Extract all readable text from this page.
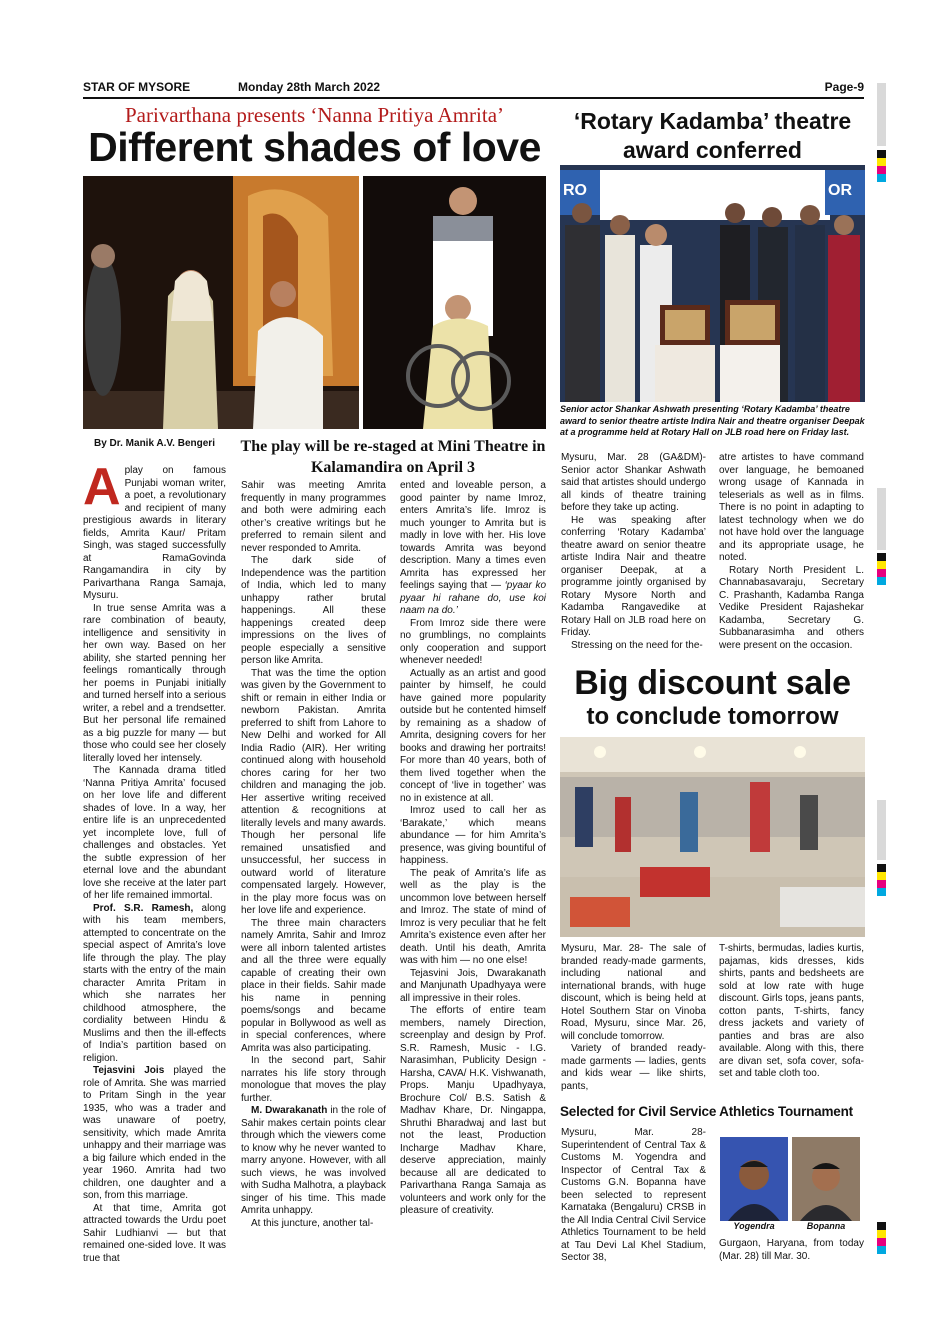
STAR OF MYSORE	Monday 28th March 2022	Page-9
Parivarthana presents ‘Nanna Pritiya Amrita’
Different shades of love
By Dr. Manik A.V. Bengeri The play will be re-staged at Mini Theatre in Kalamandira on April 3

Aplay on famous Punjabi woman writer, a poet, a revolutionary and recipient of many prestigious awards in literary fields, Amrita Kaur/ Pritam Singh, was staged successfully at RamaGovinda Rangamandira in city by Parivarthana Ranga Samaja, Mysuru.

In true sense Amrita was a rare combination of beauty, intelligence and sensitivity in her own way. Based on her ability, she started penning her feelings romantically through her poems in Punjabi initially and turned herself into a serious writer, a rebel and a trendsetter. But her personal life remained as a big puzzle for many — but those who could see her closely literally loved her intensely.

The Kannada drama titled ‘Nanna Pritiya Amrita’ focused on her love life and different shades of love. In a way, her entire life is an unprecedented yet incomplete love, full of challenges and obstacles. Yet the subtle expression of her eternal love and the abundant love she receive at the later part of her life remained immortal.

Prof. S.R. Ramesh, along with his team members, attempted to concentrate on the special aspect of Amrita’s love life through the play. The play starts with the entry of the main character Amrita Pritam in which she narrates her childhood atmosphere, the cordiality between Hindu & Muslims and then the ill-effects of India’s partition based on religion.

Tejasvini Jois played the role of Amrita. She was married to Pritam Singh in the year 1935, who was a trader and was unaware of poetry, sensitivity, which made Amrita unhappy and their marriage was a big failure which ended in the year 1960. Amrita had two children, one daughter and a son, from this marriage.

At that time, Amrita got attracted towards the Urdu poet Sahir Ludhianvi — but that remained one-sided love. It was true that

Sahir was meeting Amrita frequently in many programmes and both were admiring each other’s creative writings but he preferred to remain silent and never responded to Amrita.

The dark side of Independence was the partition of India, which led to many unhappy rather brutal happenings. All these happenings created deep impressions on the lives of people especially a sensitive person like Amrita.

That was the time the option was given by the Government to shift or remain in either India or newborn Pakistan. Amrita preferred to shift from Lahore to New Delhi and worked for All India Radio (AIR). Her writing continued along with household chores caring for her two children and managing the job. Her assertive writing received attention & recognitions at literally levels and many awards. Though her personal life remained unsatisfied and unsuccessful, her success in outward world of literature compensated largely. However, in the play more focus was on her love life and experience.

The three main characters namely Amrita, Sahir and Imroz were all inborn talented artistes and all the three were equally capable of creating their own place in their fields. Sahir made his name in penning poems/songs and became popular in Bollywood as well as in special conferences, where Amrita was also participating.

In the second part, Sahir narrates his life story through monologue that moves the play further.

M. Dwarakanath in the role of Sahir makes certain points clear through which the viewers come to know why he never wanted to marry anyone. However, with all such views, he was involved with Sudha Malhotra, a playback singer of his time. This made Amrita unhappy.

At this juncture, another tal-

ented and loveable person, a good painter by name Imroz, enters Amrita’s life. Imroz is much younger to Amrita but is madly in love with her. His love towards Amrita was beyond description. Many a times even Amrita has expressed her feelings saying that — ‘pyaar ko pyaar hi rahane do, use koi naam na do.’

From Imroz side there were no grumblings, no complaints only cooperation and support whenever needed!

Actually as an artist and good painter by himself, he could have gained more popularity outside but he contented himself by remaining as a shadow of Amrita, designing covers for her books and drawing her portraits! For more than 40 years, both of them lived together when the concept of ‘live in together’ was no in existence at all.

Imroz used to call her as ‘Barakate,’ which means abundance — for him Amrita’s presence, was giving bountiful of happiness.

The peak of Amrita’s life as well as the play is the uncommon love between herself and Imroz. The state of mind of Imroz is very peculiar that he felt Amrita’s existence even after her death. Until his death, Amrita was with him — no one else!

Tejasvini Jois, Dwarakanath and Manjunath Upadhyaya were all impressive in their roles.

The efforts of entire team members, namely Direction, screenplay and design by Prof. S.R. Ramesh, Music - I.G. Narasimhan, Publicity Design - Harsha, CAVA/ H.K. Vishwanath, Props. Manju Upadhyaya, Brochure Col/ B.S. Satish & Madhav Khare, Dr. Ningappa, Shruthi Bharadwaj and last but not the least, Production Incharge Madhav Khare, deserve appreciation, mainly because all are dedicated to Parivarthana Ranga Samaja as volunteers and work only for the pleasure of creativity.

‘Rotary Kadamba’ theatre
award conferred
RO	OR
Senior actor Shankar Ashwath presenting ‘Rotary Kadamba’ theatre award to senior theatre artiste Indira Nair and theatre organiser Deepak at a programme held at Rotary Hall on JLB road here on Friday last.

Mysuru, Mar. 28 (GA&DM)- Senior actor Shankar Ashwath said that artistes should undergo all kinds of theatre training before they take up acting.

He was speaking after conferring ‘Rotary Kadamba’ theatre award on senior theatre artiste Indira Nair and theatre organiser Deepak, at a programme jointly organised by Rotary Mysore North and Kadamba Rangavedike at Rotary Hall on JLB road here on Friday.

Stressing on the need for the-

atre artistes to have command over language, he bemoaned wrong usage of Kannada in teleserials as well as in films. There is no point in adapting to latest technology when we do not have hold over the language and its appropriate usage, he noted.

Rotary North President L. Channabasavaraju, Secretary C. Prashanth, Kadamba Ranga Vedike President Rajashekar Kadamba, Secretary G. Subbanarasimha and others were present on the occasion.

Big discount sale
to conclude tomorrow

Mysuru, Mar. 28- The sale of branded ready-made garments, including national and international brands, with huge discount, which is being held at Hotel Southern Star on Vinoba Road, Mysuru, since Mar. 26, will conclude tomorrow.

Variety of branded ready-made garments — ladies, gents and kids wear — like shirts, pants,

T-shirts, bermudas, ladies kurtis, pajamas, kids dresses, kids shirts, pants and bedsheets are sold at low rate with huge discount. Girls tops, jeans pants, cotton pants, T-shirts, fancy dress jackets and variety of panties and bras are also available. Along with this, there are divan set, sofa cover, sofa-set and table cloth too.

Selected for Civil Service Athletics Tournament

Mysuru, Mar. 28- Superintendent of Central Tax & Customs M. Yogendra and Inspector of Central Tax & Customs G.N. Bopanna have been selected to represent Karnataka (Bengaluru) CRSB in the All India Central Civil Service Athletics Tournament to be held at Tau Devi Lal Khel Stadium, Sector 38,

Yogendra	Bopanna

Gurgaon, Haryana, from today (Mar. 28) till Mar. 30.
